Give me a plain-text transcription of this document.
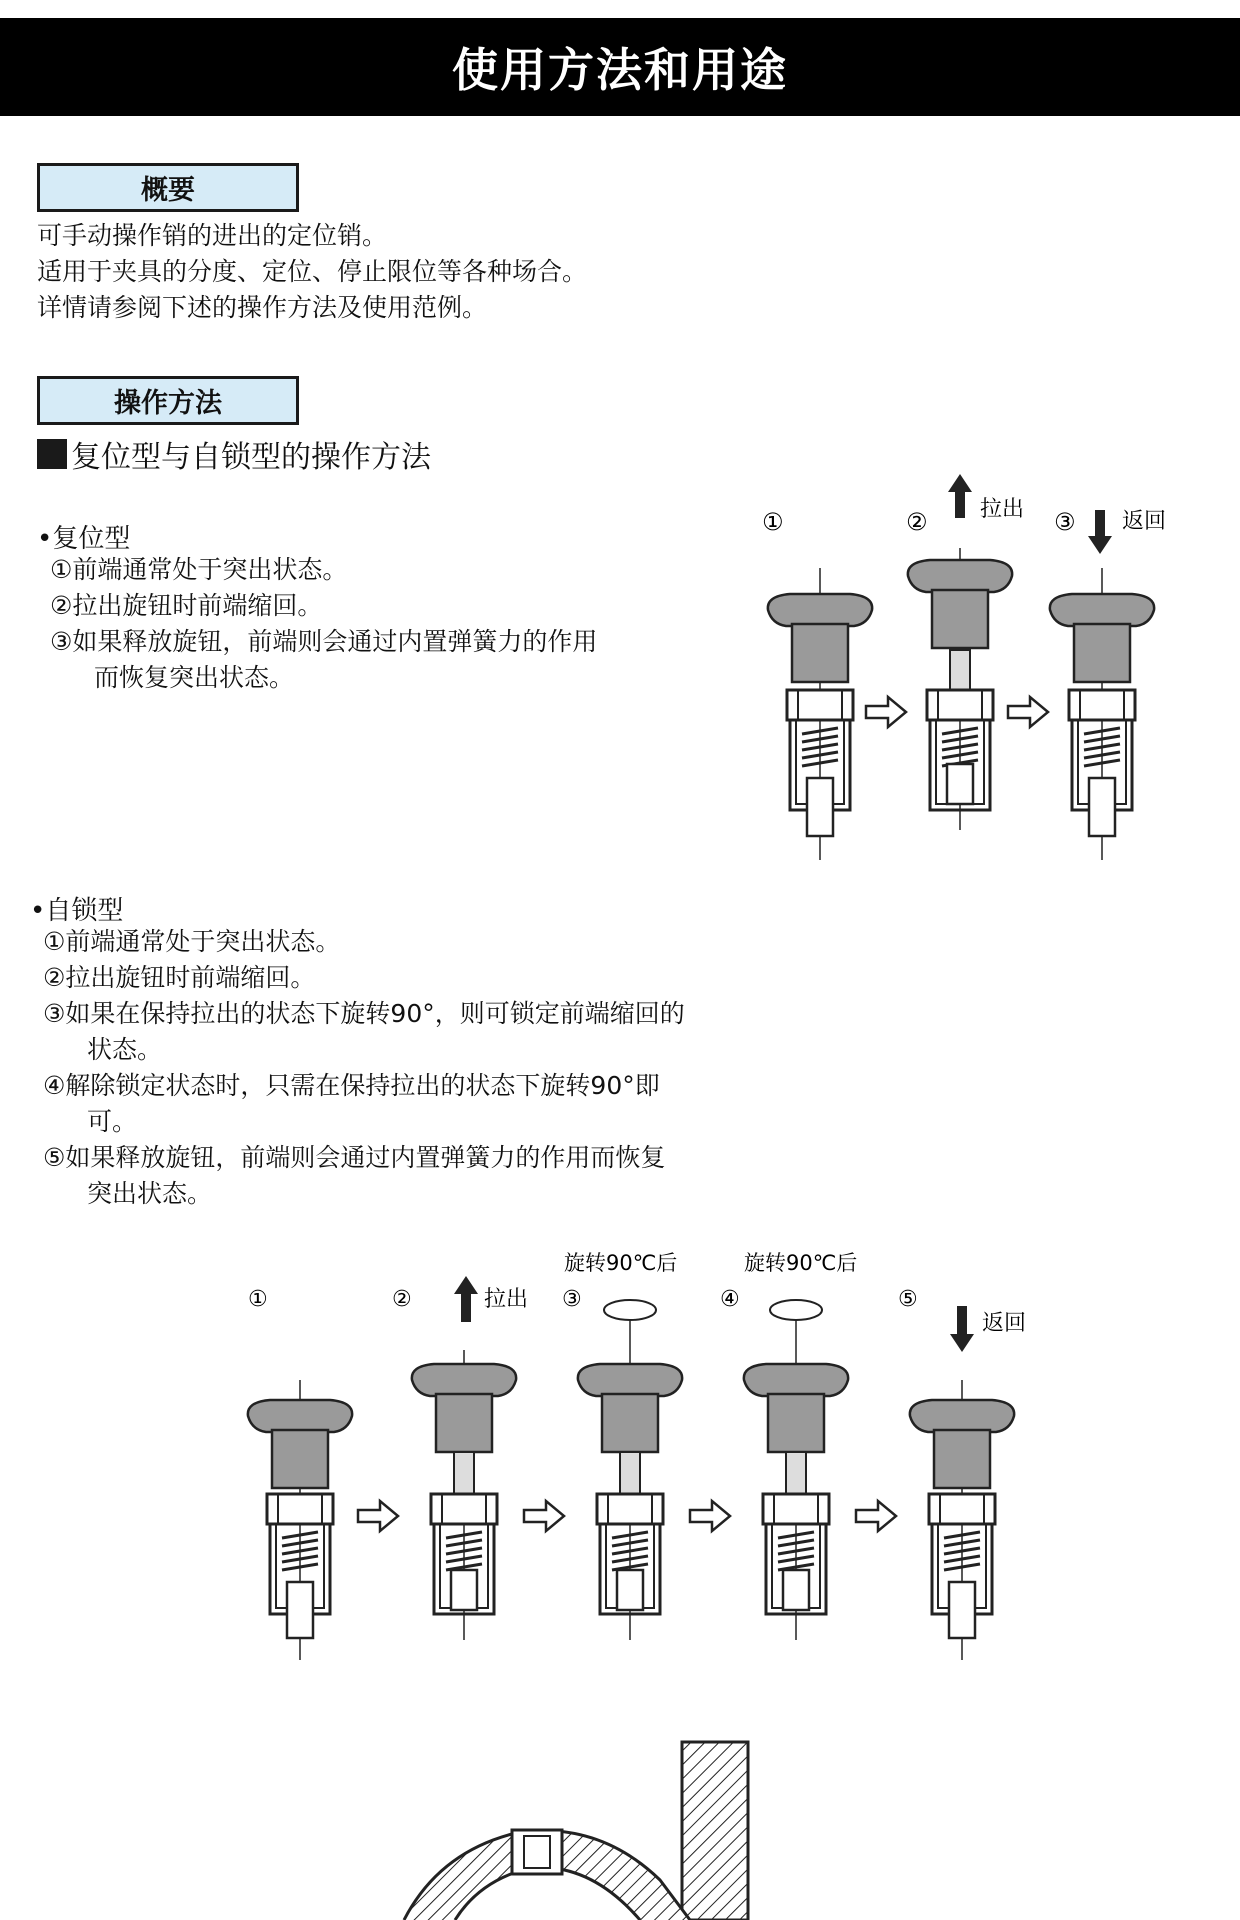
使用方法和用途
概要
可手动操作销的进出的定位销。
适用于夹具的分度、定位、停止限位等各种场合。
详情请参阅下述的操作方法及使用范例。
操作方法
复位型与自锁型的操作方法
•复位型
①前端通常处于突出状态。
②拉出旋钮时前端缩回。
③如果释放旋钮，前端则会通过内置弹簧力的作用
而恢复突出状态。
•自锁型
①前端通常处于突出状态。
②拉出旋钮时前端缩回。
③如果在保持拉出的状态下旋转90°，则可锁定前端缩回的
状态。
④解除锁定状态时，只需在保持拉出的状态下旋转90°即
可。
⑤如果释放旋钮，前端则会通过内置弹簧力的作用而恢复
突出状态。
①	②	③
拉出	返回
①	②	③	④	⑤
拉出
旋转90℃后	旋转90℃后
返回
